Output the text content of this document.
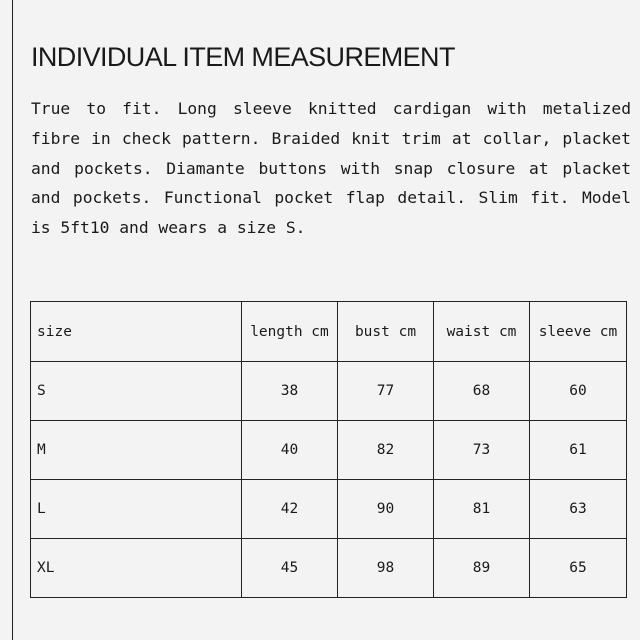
INDIVIDUAL ITEM MEASUREMENT
True to fit. Long sleeve knitted cardigan with metalized fibre in check pattern. Braided knit trim at collar, placket and pockets. Diamante buttons with snap closure at placket and pockets. Functional pocket flap detail. Slim fit. Model is 5ft10 and wears a size S.
size	length cm	bust cm	waist cm	sleeve cm
S	38	77	68	60
M	40	82	73	61
L	42	90	81	63
XL	45	98	89	65
